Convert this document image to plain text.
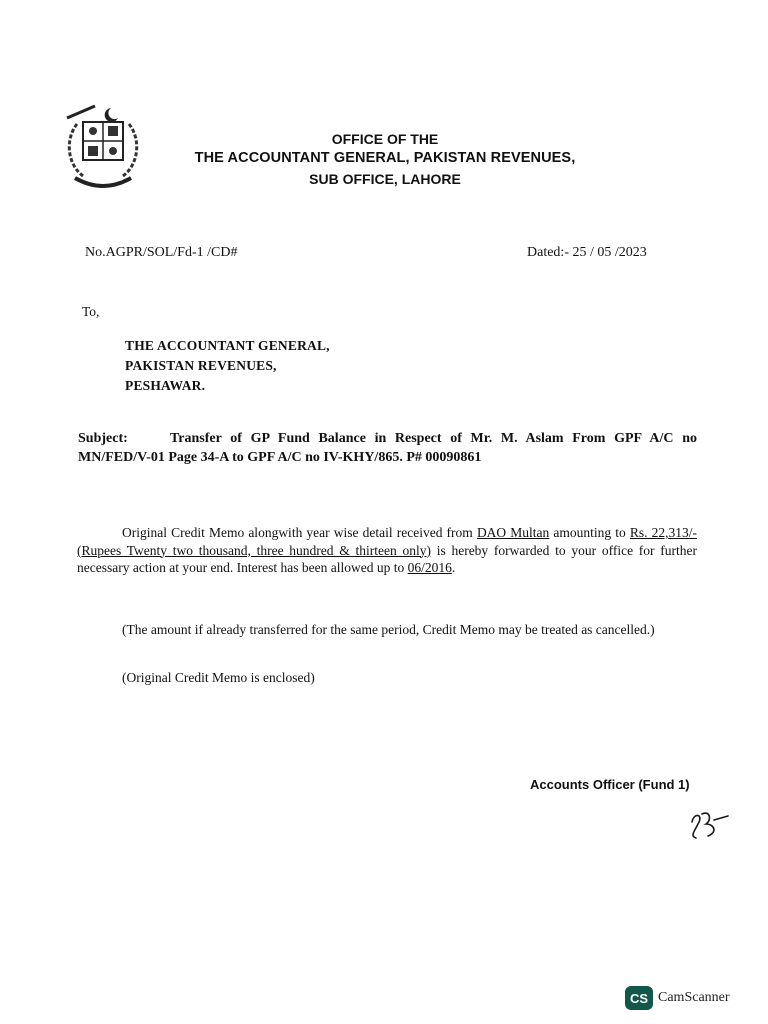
OFFICE OF THE
THE ACCOUNTANT GENERAL, PAKISTAN REVENUES,
SUB OFFICE, LAHORE
No.AGPR/SOL/Fd-1 /CD#	Dated:- 25 / 05 /2023
To,
THE ACCOUNTANT GENERAL,
PAKISTAN REVENUES,
PESHAWAR.
Subject:	Transfer of GP Fund Balance in Respect of Mr. M. Aslam From GPF A/C no MN/FED/V-01 Page 34-A to GPF A/C no IV-KHY/865. P# 00090861
Original Credit Memo alongwith year wise detail received from DAO Multan amounting to Rs. 22,313/- (Rupees Twenty two thousand, three hundred & thirteen only) is hereby forwarded to your office for further necessary action at your end. Interest has been allowed up to 06/2016.
(The amount if already transferred for the same period, Credit Memo may be treated as cancelled.)
(Original Credit Memo is enclosed)
Accounts Officer (Fund 1)
CS CamScanner
